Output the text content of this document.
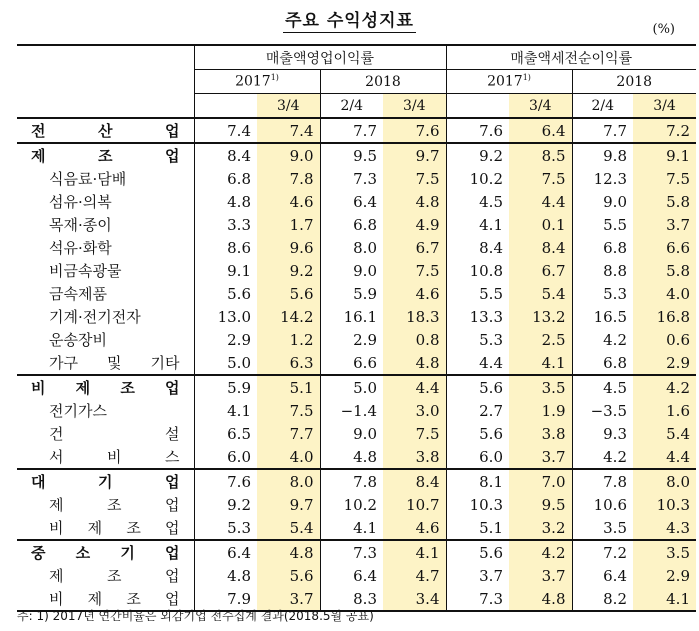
주요 수익성지표	(%)
	매출액영업이익률				매출액세전순이익률			
	2017$^{1)}$		2018		2017$^{1)}$		2018	
		3/4	2/4	3/4		3/4	2/4	3/4
전 산 업	7.4	7.4	7.7	7.6	7.6	6.4	7.7	7.2
제 조 업	8.4	9.0	9.5	9.7	9.2	8.5	9.8	9.1
식음료·담배	6.8	7.8	7.3	7.5	10.2	7.5	12.3	7.5
섬유·의복	4.8	4.6	6.4	4.8	4.5	4.4	9.0	5.8
목재·종이	3.3	1.7	6.8	4.9	4.1	0.1	5.5	3.7
석유·화학	8.6	9.6	8.0	6.7	8.4	8.4	6.8	6.6
비금속광물	9.1	9.2	9.0	7.5	10.8	6.7	8.8	5.8
금속제품	5.6	5.6	5.9	4.6	5.5	5.4	5.3	4.0
기계·전기전자	13.0	14.2	16.1	18.3	13.3	13.2	16.5	16.8
운송장비	2.9	1.2	2.9	0.8	5.3	2.5	4.2	0.6
가구 및 기타	5.0	6.3	6.6	4.8	4.4	4.1	6.8	2.9
비 제 조 업	5.9	5.1	5.0	4.4	5.6	3.5	4.5	4.2
전기가스	4.1	7.5	−1.4	3.0	2.7	1.9	−3.5	1.6
건 설	6.5	7.7	9.0	7.5	5.6	3.8	9.3	5.4
서 비 스	6.0	4.0	4.8	3.8	6.0	3.7	4.2	4.4
대 기 업	7.6	8.0	7.8	8.4	8.1	7.0	7.8	8.0
제 조 업	9.2	9.7	10.2	10.7	10.3	9.5	10.6	10.3
비 제 조 업	5.3	5.4	4.1	4.6	5.1	3.2	3.5	4.3
중 소 기 업	6.4	4.8	7.3	4.1	5.6	4.2	7.2	3.5
제 조 업	4.8	5.6	6.4	4.7	3.7	3.7	6.4	2.9
비 제 조 업	7.9	3.7	8.3	3.4	7.3	4.8	8.2	4.1
주: 1) 2017년 연간비율은 외감기업 전수집계 결과(2018.5월 공표)
